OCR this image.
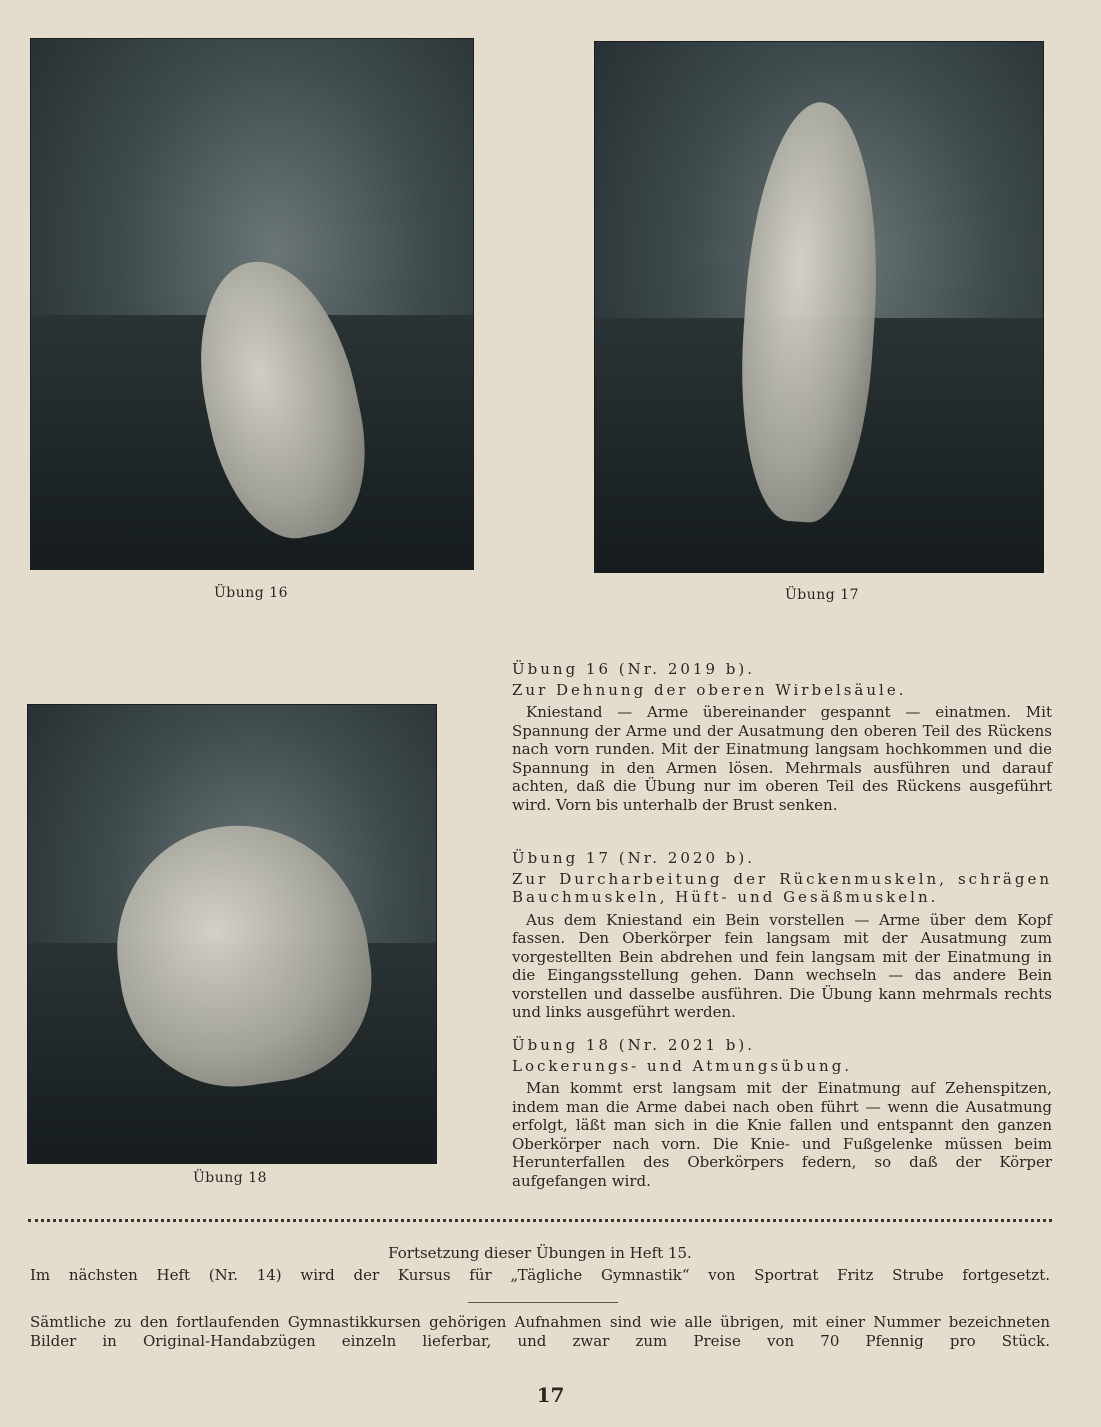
Übung 16	Übung 17
Übung 18

Übung 16 (Nr. 2019 b).

Zur Dehnung der oberen Wirbelsäule.

Kniestand — Arme übereinander gespannt — einatmen. Mit Spannung der Arme und der Ausatmung den oberen Teil des Rückens nach vorn runden. Mit der Einatmung langsam hochkommen und die Spannung in den Armen lösen. Mehrmals ausführen und darauf achten, daß die Übung nur im oberen Teil des Rückens ausgeführt wird. Vorn bis unterhalb der Brust senken.

Übung 17 (Nr. 2020 b).

Zur Durcharbeitung der Rückenmuskeln, schrägen Bauchmuskeln, Hüft- und Gesäßmuskeln.

Aus dem Kniestand ein Bein vorstellen — Arme über dem Kopf fassen. Den Oberkörper fein langsam mit der Ausatmung zum vorgestellten Bein abdrehen und fein langsam mit der Einatmung in die Eingangsstellung gehen. Dann wechseln — das andere Bein vorstellen und dasselbe ausführen. Die Übung kann mehrmals rechts und links ausgeführt werden.

Übung 18 (Nr. 2021 b).

Lockerungs- und Atmungsübung.

Man kommt erst langsam mit der Einatmung auf Zehenspitzen, indem man die Arme dabei nach oben führt — wenn die Ausatmung erfolgt, läßt man sich in die Knie fallen und entspannt den ganzen Oberkörper nach vorn. Die Knie- und Fußgelenke müssen beim Herunterfallen des Oberkörpers federn, so daß der Körper aufgefangen wird.

Fortsetzung dieser Übungen in Heft 15.
Im nächsten Heft (Nr. 14) wird der Kursus für „Tägliche Gymnastik“ von Sportrat Fritz Strube fortgesetzt.
Sämtliche zu den fortlaufenden Gymnastikkursen gehörigen Aufnahmen sind wie alle übrigen, mit einer Nummer bezeichneten Bilder in Original-Handabzügen einzeln lieferbar, und zwar zum Preise von 70 Pfennig pro Stück.
17
